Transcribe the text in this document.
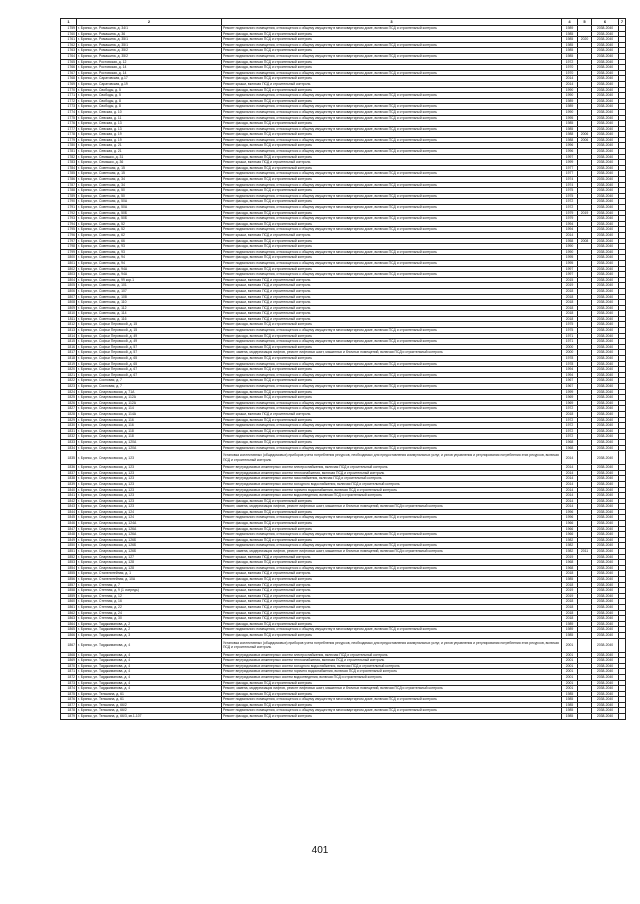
1	2	3	4	5	6	7
1759	г. Брянск, ул. Ромашина, д. 34/1	Ремонт подвального помещения, относящегося к общему имуществу в многоквартирном доме, включая ПСД и строительный контроль	1989		2038-2040	
1760	г. Брянск, ул. Ромашина, д. 36	Ремонт фасада, включая ПСД и строительный контроль	1985		2038-2040	
1761	г. Брянск, ул. Ромашина, д. 35/1	Ремонт фасада, включая ПСД и строительный контроль	1985	2020	2038-2040	
1762	г. Брянск, ул. Ромашина, д. 35/1	Ремонт подвального помещения, относящегося к общему имуществу в многоквартирном доме, включая ПСД и строительный контроль	1985		2038-2040	
1763	г. Брянск, ул. Ромашина, д. 35/2	Ремонт фасада, включая ПСД и строительный контроль	1985		2038-2040	
1764	г. Брянск, ул. Ромашина, д. 35/2	Ремонт подвального помещения, относящегося к общему имуществу в многоквартирном доме, включая ПСД и строительный контроль	1985		2038-2040	
1765	г. Брянск, ул. Ростовская, д. 12	Ремонт фасада, включая ПСД и строительный контроль	1972		2038-2040	
1766	г. Брянск, ул. Ростовская, д. 14	Ремонт фасада, включая ПСД и строительный контроль	1970		2038-2040	
1767	г. Брянск, ул. Ростовская, д. 14	Ремонт подвального помещения, относящегося к общему имуществу в многоквартирном доме, включая ПСД и строительный контроль	1970		2038-2040	
1768	г. Брянск, ул. Саратовская, д.17	Ремонт фасада, включая ПСД и строительный контроль	2014		2038-2040	
1769	г. Брянск, ул. Саратовская, д.19	Ремонт крыши, включая ПСД и строительный контроль	2014		2038-2040	
1770	г. Брянск, ул. Свободы, д. 5	Ремонт фасада, включая ПСД и строительный контроль	1990		2038-2040	
1771	г. Брянск, ул. Свободы, д. 5	Ремонт подвального помещения, относящегося к общему имуществу в многоквартирном доме, включая ПСД и строительный контроль	1990		2038-2040	
1772	г. Брянск, ул. Свободы, д. 8	Ремонт фасада, включая ПСД и строительный контроль	1989		2038-2040	
1773	г. Брянск, ул. Свободы, д. 8	Ремонт подвального помещения, относящегося к общему имуществу в многоквартирном доме, включая ПСД и строительный контроль	1989		2038-2040	
1774	г. Брянск, ул. Севская, д. 10	Ремонт подвального помещения, относящегося к общему имуществу в многоквартирном доме, включая ПСД и строительный контроль	1990		2038-2040	
1775	г. Брянск, ул. Севская, д. 11	Ремонт подвального помещения, относящегося к общему имуществу в многоквартирном доме, включая ПСД и строительный контроль	1995		2038-2040	
1776	г. Брянск, ул. Севская, д. 13	Ремонт фасада, включая ПСД и строительный контроль	1985		2038-2040	
1777	г. Брянск, ул. Севская, д. 13	Ремонт подвального помещения, относящегося к общему имуществу в многоквартирном доме, включая ПСД и строительный контроль	1985		2038-2040	
1778	г. Брянск, ул. Севская, д. 19	Ремонт фасада, включая ПСД и строительный контроль	1988	2006	2038-2040	
1779	г. Брянск, ул. Севская, д. 19	Ремонт подвального помещения, относящегося к общему имуществу в многоквартирном доме, включая ПСД и строительный контроль	1988	2006	2038-2040	
1780	г. Брянск, ул. Севская, д. 21	Ремонт фасада, включая ПСД и строительный контроль	1996		2038-2040	
1781	г. Брянск, ул. Севская, д. 21	Ремонт подвального помещения, относящегося к общему имуществу в многоквартирном доме, включая ПСД и строительный контроль	1996		2038-2040	
1782	г. Брянск, ул. Семашко, д. 31	Ремонт фасада, включая ПСД и строительный контроль	1997		2038-2040	
1783	г. Брянск, ул. Семашко, д. 36	Ремонт крыши, включая ПСД и строительный контроль	1999		2038-2040	
1784	г. Брянск, ул. Советская, д. 15	Ремонт фасада, включая ПСД и строительный контроль	1977		2038-2040	
1785	г. Брянск, ул. Советская, д. 15	Ремонт подвального помещения, относящегося к общему имуществу в многоквартирном доме, включая ПСД и строительный контроль	1977		2038-2040	
1786	г. Брянск, ул. Советская, д. 34	Ремонт фасада, включая ПСД и строительный контроль	1974		2035-2040	
1787	г. Брянск, ул. Советская, д. 34	Ремонт подвального помещения, относящегося к общему имуществу в многоквартирном доме, включая ПСД и строительный контроль	1974		2038-2040	
1788	г. Брянск, ул. Советская, д. 50	Ремонт фасада, включая ПСД и строительный контроль	1975		2038-2040	
1789	г. Брянск, ул. Советская, д. 50	Ремонт подвального помещения, относящегося к общему имуществу в многоквартирном доме, включая ПСД и строительный контроль	1975		2038-2040	
1790	г. Брянск, ул. Советская, д. 50А	Ремонт фасада, включая ПСД и строительный контроль	1972		2038-2040	
1791	г. Брянск, ул. Советская, д. 50А	Ремонт подвального помещения, относящегося к общему имуществу в многоквартирном доме, включая ПСД и строительный контроль	1972		2038-2040	
1792	г. Брянск, ул. Советская, д. 50Б	Ремонт фасада, включая ПСД и строительный контроль	1979	2019	2038-2040	
1793	г. Брянск, ул. Советская, д. 50Б	Ремонт подвального помещения, относящегося к общему имуществу в многоквартирном доме, включая ПСД и строительный контроль	1979		2038-2040	
1794	г. Брянск, ул. Советская, д. 52	Ремонт фасада, включая ПСД и строительный контроль	1994		2038-2040	
1795	г. Брянск, ул. Советская, д. 52	Ремонт подвального помещения, относящегося к общему имуществу в многоквартирном доме, включая ПСД и строительный контроль	1994		2038-2040	
1796	г. Брянск, ул. Советская, д. 62	Ремонт крыши, включая ПСД и строительный контроль	2014		2038-2040	
1797	г. Брянск, ул. Советская, д. 66	Ремонт фасада, включая ПСД и строительный контроль	1958	2008	2038-2040	
1798	г. Брянск, ул. Советская, д. 93	Ремонт фасада, включая ПСД и строительный контроль	1990		2038-2040	
1799	г. Брянск, ул. Советская, д. 93	Ремонт подвального помещения, относящегося к общему имуществу в многоквартирном доме, включая ПСД и строительный контроль	1990		2038-2040	
1800	г. Брянск, ул. Советская, д. 94	Ремонт фасада, включая ПСД и строительный контроль	1995		2038-2040	
1801	г. Брянск, ул. Советская, д. 94	Ремонт подвального помещения, относящегося к общему имуществу в многоквартирном доме, включая ПСД и строительный контроль	1995		2038-2040	
1802	г. Брянск, ул. Советская, д. 94А	Ремонт фасада, включая ПСД и строительный контроль	1997		2038-2040	
1803	г. Брянск, ул. Советская, д. 94А	Ремонт подвального помещения, относящегося к общему имуществу в многоквартирном доме, включая ПСД и строительный контроль	1997		2038-2040	
1804	г. Брянск, ул. Советская, д. 99 кор.1	Ремонт крыши, включая ПСД и строительный контроль	2015		2038-2040	
1805	г. Брянск, ул. Советская, д. 101	Ремонт крыши, включая ПСД и строительный контроль	2019		2038-2040	
1806	г. Брянск, ул. Советская, д. 107	Ремонт крыши, включая ПСД и строительный контроль	2018		2038-2040	
1807	г. Брянск, ул. Советская, д. 108	Ремонт крыши, включая ПСД и строительный контроль	2018		2038-2040	
1808	г. Брянск, ул. Советская, д. 110	Ремонт крыши, включая ПСД и строительный контроль	2018		2038-2040	
1809	г. Брянск, ул. Советская, д. 112	Ремонт крыши, включая ПСД и строительный контроль	2018		2038-2040	
1810	г. Брянск, ул. Советская, д. 114	Ремонт крыши, включая ПСД и строительный контроль	2018		2038-2040	
1811	г. Брянск, ул. Советская, д. 116	Ремонт крыши, включая ПСД и строительный контроль	2018		2038-2040	
1812	г. Брянск, ул. Софьи Перовской, д. 15	Ремонт фасада, включая ПСД и строительный контроль	1975		2038-2040	
1813	г. Брянск, ул. Софьи Перовской, д. 15	Ремонт подвального помещения, относящегося к общему имуществу в многоквартирном доме, включая ПСД и строительный контроль	1975		2038-2040	
1814	г. Брянск, ул. Софьи Перовской, д. 49	Ремонт фасада, включая ПСД и строительный контроль	1971		2038-2040	
1815	г. Брянск, ул. Софьи Перовской, д. 49	Ремонт подвального помещения, относящегося к общему имуществу в многоквартирном доме, включая ПСД и строительный контроль	1971		2038-2040	
1816	г. Брянск, ул. Софьи Перовской, д. 57	Ремонт фасада, включая ПСД и строительный контроль	2000		2038-2040	
1817	г. Брянск, ул. Софьи Перовской, д. 57	Ремонт, замена, модернизация лифтов, ремонт лифтовых шахт, машинных и блочных помещений, включая ПСД и строительный контроль	2000		2038-2040	
1818	г. Брянск, ул. Софьи Перовской, д. 65	Ремонт фасада, включая ПСД и строительный контроль	1978		2038-2040	
1819	г. Брянск, ул. Софьи Перовской, д. 65	Ремонт подвального помещения, относящегося к общему имуществу в многоквартирном доме, включая ПСД и строительный контроль	1978		2038-2040	
1820	г. Брянск, ул. Софьи Перовской, д. 67	Ремонт фасада, включая ПСД и строительный контроль	1994		2038-2040	
1821	г. Брянск, ул. Софьи Перовской, д. 67	Ремонт подвального помещения, относящегося к общему имуществу в многоквартирном доме, включая ПСД и строительный контроль	1994		2038-2040	
1822	г. Брянск, ул. Сосновая, д. 7	Ремонт фасада, включая ПСД и строительный контроль	1967		2038-2040	
1823	г. Брянск, ул. Сосновая, д. 7	Ремонт подвального помещения, относящегося к общему имуществу в многоквартирном доме, включая ПСД и строительный контроль	1967		2038-2040	
1824	г. Брянск, ул. Спартаковская, д. 71А	Ремонт фасада, включая ПСД и строительный контроль	1999		2038-2040	
1825	г. Брянск, ул. Спартаковская, д. 112А	Ремонт фасада, включая ПСД и строительный контроль	1969		2038-2040	
1826	г. Брянск, ул. Спартаковская, д. 112А	Ремонт подвального помещения, относящегося к общему имуществу в многоквартирном доме, включая ПСД и строительный контроль	1969		2038-2040	
1827	г. Брянск, ул. Спартаковская, д. 114	Ремонт подвального помещения, относящегося к общему имуществу в многоквартирном доме, включая ПСД и строительный контроль	1972		2038-2040	
1828	г. Брянск, ул. Спартаковская, д. 114А	Ремонт крыши, включая ПСД и строительный контроль	2018		2038-2040	
1829	г. Брянск, ул. Спартаковская, д. 116	Ремонт фасада, включая ПСД и строительный контроль	1972		2038-2040	
1830	г. Брянск, ул. Спартаковская, д. 116	Ремонт подвального помещения, относящегося к общему имуществу в многоквартирном доме, включая ПСД и строительный контроль	1972		2038-2040	
1831	г. Брянск, ул. Спартаковская, д. 118	Ремонт фасада, включая ПСД и строительный контроль	1972		2038-2040	
1832	г. Брянск, ул. Спартаковская, д. 118	Ремонт подвального помещения, относящегося к общему имуществу в многоквартирном доме, включая ПСД и строительный контроль	1972		2038-2040	
1833	г. Брянск, ул. Спартаковская, д. 120А	Ремонт фасада, включая ПСД и строительный контроль	1968		2038-2040	
1834	г. Брянск, ул. Спартаковская, д. 120А	Ремонт подвального помещения, относящегося к общему имуществу в многоквартирном доме, включая ПСД и строительный контроль	1968		2038-2040	
1835	г. Брянск, ул. Спартаковская, д. 123	Установка коллективных (общедомовых) приборов учета потребления ресурсов, необходимых для предоставления коммунальных услуг, и узлов управления и регулирования потребления этих ресурсов, включая ПСД и строительный контроль	2014		2038-2040	
1836	г. Брянск, ул. Спартаковская, д. 123	Ремонт внутридомовых инженерных систем электроснабжения, включая ПСД и строительный контроль	2014		2038-2040	
1837	г. Брянск, ул. Спартаковская, д. 123	Ремонт внутридомовых инженерных систем теплоснабжения, включая ПСД и строительный контроль	2014		2038-2040	
1838	г. Брянск, ул. Спартаковская, д. 123	Ремонт внутридомовых инженерных систем газоснабжения, включая ПСД и строительный контроль	2014		2038-2040	
1839	г. Брянск, ул. Спартаковская, д. 123	Ремонт внутридомовых инженерных систем холодного водоснабжения, включая ПСД и строительный контроль	2014		2038-2040	
1840	г. Брянск, ул. Спартаковская, д. 123	Ремонт внутридомовых инженерных систем горячего водоснабжения, включая ПСД и строительный контроль	2014		2038-2040	
1841	г. Брянск, ул. Спартаковская, д. 123	Ремонт внутридомовых инженерных систем водоотведения, включая ПСД и строительный контроль	2014		2038-2040	
1842	г. Брянск, ул. Спартаковская, д. 123	Ремонт фасада, включая ПСД и строительный контроль	2014		2038-2040	
1843	г. Брянск, ул. Спартаковская, д. 123	Ремонт, замена, модернизация лифтов, ремонт лифтовых шахт, машинных и блочных помещений, включая ПСД и строительный контроль	2014		2038-2040	
1844	г. Брянск, ул. Спартаковская, д. 124	Ремонт фасада, включая ПСД и строительный контроль	1996		2038-2040	
1845	г. Брянск, ул. Спартаковская, д. 124	Ремонт подвального помещения, относящегося к общему имуществу в многоквартирном доме, включая ПСД и строительный контроль	1996		2038-2040	
1846	г. Брянск, ул. Спартаковская, д. 124А	Ремонт фасада, включая ПСД и строительный контроль	1966		2038-2040	
1847	г. Брянск, ул. Спартаковская, д. 126А	Ремонт фасада, включая ПСД и строительный контроль	1966		2038-2040	
1848	г. Брянск, ул. Спартаковская, д. 126А	Ремонт подвального помещения, относящегося к общему имуществу в многоквартирном доме, включая ПСД и строительный контроль	1966		2038-2040	
1849	г. Брянск, ул. Спартаковская, д. 126Б	Ремонт фасада, включая ПСД и строительный контроль	1982		2038-2040	
1850	г. Брянск, ул. Спартаковская, д. 126Б	Ремонт подвального помещения, относящегося к общему имуществу в многоквартирном доме, включая ПСД и строительный контроль	1982		2038-2040	
1851	г. Брянск, ул. Спартаковская, д. 126Б	Ремонт, замена, модернизация лифтов, ремонт лифтовых шахт, машинных и блочных помещений, включая ПСД и строительный контроль	1982	2011	2038-2040	
1852	г. Брянск, ул. Спартаковская, д. 127	Ремонт крыши, включая ПСД и строительный контроль	2019		2038-2040	
1853	г. Брянск, ул. Спартаковская, д. 128	Ремонт фасада, включая ПСД и строительный контроль	1968		2038-2040	
1854	г. Брянск, ул. Спартаковская, д. 128	Ремонт подвального помещения, относящегося к общему имуществу в многоквартирном доме, включая ПСД и строительный контроль	1968		2038-2040	
1855	г. Брянск, ул. Сталелитейная, д. 1	Ремонт крыши, включая ПСД и строительный контроль	2018		2038-2040	
1856	г. Брянск, ул. Сталелитейная, д. 10А	Ремонт фасада, включая ПСД и строительный контроль	1985		2038-2040	
1857	г. Брянск, ул. Степная, д. 7	Ремонт крыши, включая ПСД и строительный контроль	2018		2038-2040	
1858	г. Брянск, ул. Степная, д. 9 (1 очередь)	Ремонт крыши, включая ПСД и строительный контроль	2019		2038-2040	
1859	г. Брянск, ул. Степная, д. 12	Ремонт крыши, включая ПСД и строительный контроль	2019		2038-2040	
1860	г. Брянск, ул. Степная, д. 16	Ремонт крыши, включая ПСД и строительный контроль	2018		2038-2040	
1861	г. Брянск, ул. Степная, д. 22	Ремонт крыши, включая ПСД и строительный контроль	2018		2038-2040	
1862	г. Брянск, ул. Степная, д. 24	Ремонт крыши, включая ПСД и строительный контроль	2018		2038-2040	
1863	г. Брянск, ул. Степная, д. 30	Ремонт крыши, включая ПСД и строительный контроль	2018		2038-2040	
1864	г. Брянск, ул. Тарджимановa, д. 2	Ремонт фасада, включая ПСД и строительный контроль	1989		2038-2040	
1865	г. Брянск, ул. Тарджимановa, д. 2	Ремонт подвального помещения, относящегося к общему имуществу в многоквартирном доме, включая ПСД и строительный контроль	1989		2038-2040	
1866	г. Брянск, ул. Тарджимановa, д. 3	Ремонт фасада, включая ПСД и строительный контроль	1985		2038-2040	
1867	г. Брянск, ул. Тарджимановa, д. 4	Установка коллективных (общедомовых) приборов учета потребления ресурсов, необходимых для предоставления коммунальных услуг, и узлов управления и регулирования потребления этих ресурсов, включая ПСД и строительный контроль	2001		2038-2040	
1868	г. Брянск, ул. Тарджимановa, д. 4	Ремонт внутридомовых инженерных систем электроснабжения, включая ПСД и строительный контроль	2001		2038-2040	
1869	г. Брянск, ул. Тарджимановa, д. 4	Ремонт внутридомовых инженерных систем теплоснабжения, включая ПСД и строительный контроль	2001		2038-2040	
1870	г. Брянск, ул. Тарджимановa, д. 4	Ремонт внутридомовых инженерных систем холодного водоснабжения, включая ПСД и строительный контроль	2001		2038-2040	
1871	г. Брянск, ул. Тарджимановa, д. 4	Ремонт внутридомовых инженерных систем горячего водоснабжения, включая ПСД и строительный контроль	2001		2038-2040	
1872	г. Брянск, ул. Тарджимановa, д. 4	Ремонт внутридомовых инженерных систем водоотведения, включая ПСД и строительный контроль	2001		2038-2040	
1873	г. Брянск, ул. Тарджимановa, д. 4	Ремонт фасада, включая ПСД и строительный контроль	2001		2038-2040	
1874	г. Брянск, ул. Тарджимановa, д. 4	Ремонт, замена, модернизация лифтов, ремонт лифтовых шахт, машинных и блочных помещений, включая ПСД и строительный контроль	2001		2038-2040	
1875	г. Брянск, ул. Тельмана, д. 61	Ремонт фасада, включая ПСД и строительный контроль	1985		2038-2040	
1876	г. Брянск, ул. Тельмана, д. 61	Ремонт подвального помещения, относящегося к общему имуществу в многоквартирном доме, включая ПСД и строительный контроль	1985		2038-2040	
1877	г. Брянск, ул. Тельмана, д. 66/2	Ремонт фасада, включая ПСД и строительный контроль	1985		2038-2040	
1878	г. Брянск, ул. Тельмана, д. 66/2	Ремонт подвального помещения, относящегося к общему имуществу в многоквартирном доме, включая ПСД и строительный контроль	1985		2038-2040	
1879	г. Брянск, ул. Тельмана, д. 66/3, кв.1-107	Ремонт фасада, включая ПСД и строительный контроль	1985		2038-2040	
401
